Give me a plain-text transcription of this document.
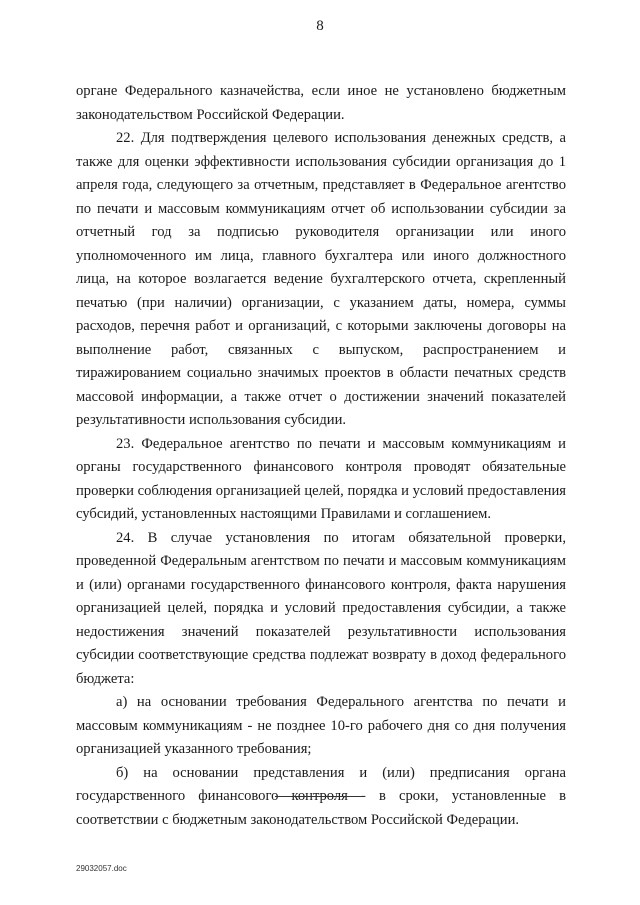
8

органе Федерального казначейства, если иное не установлено бюджетным законодательством Российской Федерации.

22. Для подтверждения целевого использования денежных средств, а также для оценки эффективности использования субсидии организация до 1 апреля года, следующего за отчетным, представляет в Федеральное агентство по печати и массовым коммуникациям отчет об использовании субсидии за отчетный год за подписью руководителя организации или иного уполномоченного им лица, главного бухгалтера или иного должностного лица, на которое возлагается ведение бухгалтерского отчета, скрепленный печатью (при наличии) организации, с указанием даты, номера, суммы расходов, перечня работ и организаций, с которыми заключены договоры на выполнение работ, связанных с выпуском, распространением и тиражированием социально значимых проектов в области печатных средств массовой информации, а также отчет о достижении значений показателей результативности использования субсидии.

23. Федеральное агентство по печати и массовым коммуникациям и органы государственного финансового контроля проводят обязательные проверки соблюдения организацией целей, порядка и условий предоставления субсидий, установленных настоящими Правилами и соглашением.

24. В случае установления по итогам обязательной проверки, проведенной Федеральным агентством по печати и массовым коммуникациям и (или) органами государственного финансового контроля, факта нарушения организацией целей, порядка и условий предоставления субсидии, а также недостижения значений показателей результативности использования субсидии соответствующие средства подлежат возврату в доход федерального бюджета:

а) на основании требования Федерального агентства по печати и массовым коммуникациям - не позднее 10-го рабочего дня со дня получения организацией указанного требования;

б) на основании представления и (или) предписания органа государственного финансового контроля - в сроки, установленные в соответствии с бюджетным законодательством Российской Федерации.

29032057.doc
